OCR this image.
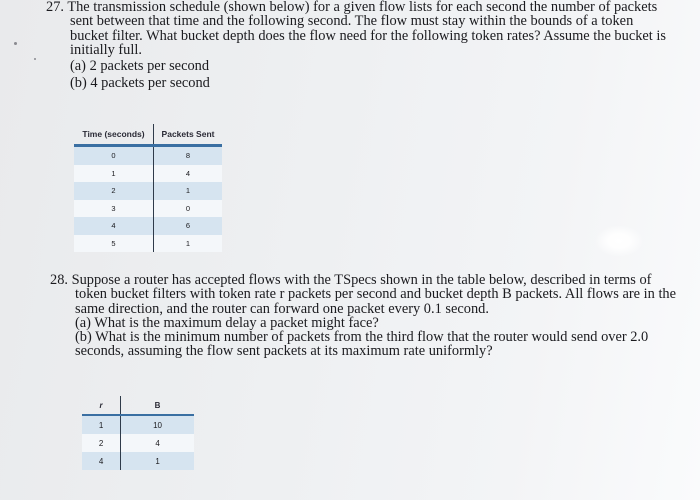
27. The transmission schedule (shown below) for a given flow lists for each second the number of packets

sent between that time and the following second. The flow must stay within the bounds of a token

bucket filter. What bucket depth does the flow need for the following token rates? Assume the bucket is

initially full.

(a) 2 packets per second

(b) 4 packets per second

Time (seconds)	Packets Sent
0	8
1	4
2	1
3	0
4	6
5	1

28. Suppose a router has accepted flows with the TSpecs shown in the table below, described in terms of

token bucket filters with token rate r packets per second and bucket depth B packets. All flows are in the

same direction, and the router can forward one packet every 0.1 second.

(a) What is the maximum delay a packet might face?

(b) What is the minimum number of packets from the third flow that the router would send over 2.0

seconds, assuming the flow sent packets at its maximum rate uniformly?

r	B
1	10
2	4
4	1
